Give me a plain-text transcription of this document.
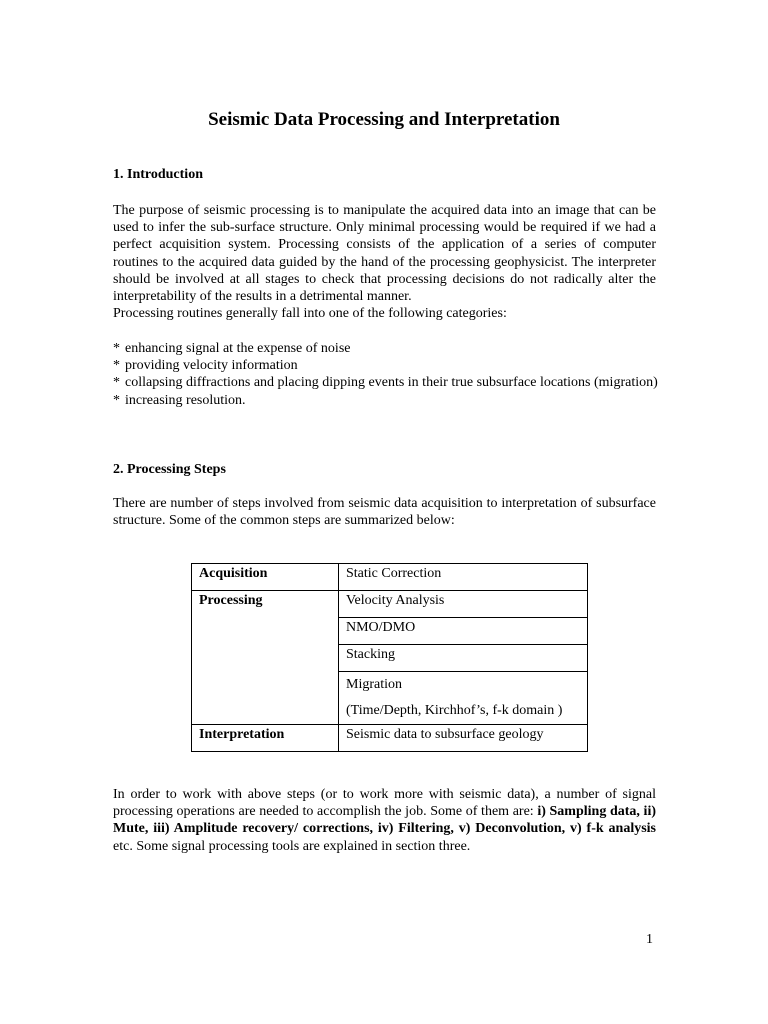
Seismic Data Processing and Interpretation
1. Introduction

The purpose of seismic processing is to manipulate the acquired data into an image that can be used to infer the sub-surface structure. Only minimal processing would be required if we had a perfect acquisition system. Processing consists of the application of a series of computer routines to the acquired data guided by the hand of the processing geophysicist. The interpreter should be involved at all stages to check that processing decisions do not radically alter the interpretability of the results in a detrimental manner.

Processing routines generally fall into one of the following categories:

* enhancing signal at the expense of noise
* providing velocity information
* collapsing diffractions and placing dipping events in their true subsurface locations (migration)
* increasing resolution.
2. Processing Steps

There are number of steps involved from seismic data acquisition to interpretation of subsurface structure. Some of the common steps are summarized below:

Acquisition	Static Correction
Processing	Velocity Analysis
	NMO/DMO
	Stacking

	Migration
(Time/Depth, Kirchhof’s, f-k domain )

Interpretation	Seismic data to subsurface geology

In order to work with above steps (or to work more with seismic data), a number of signal processing operations are needed to accomplish the job. Some of them are: i) Sampling data, ii) Mute, iii) Amplitude recovery/ corrections, iv) Filtering, v) Deconvolution, v) f-k analysis etc. Some signal processing tools are explained in section three.

1
